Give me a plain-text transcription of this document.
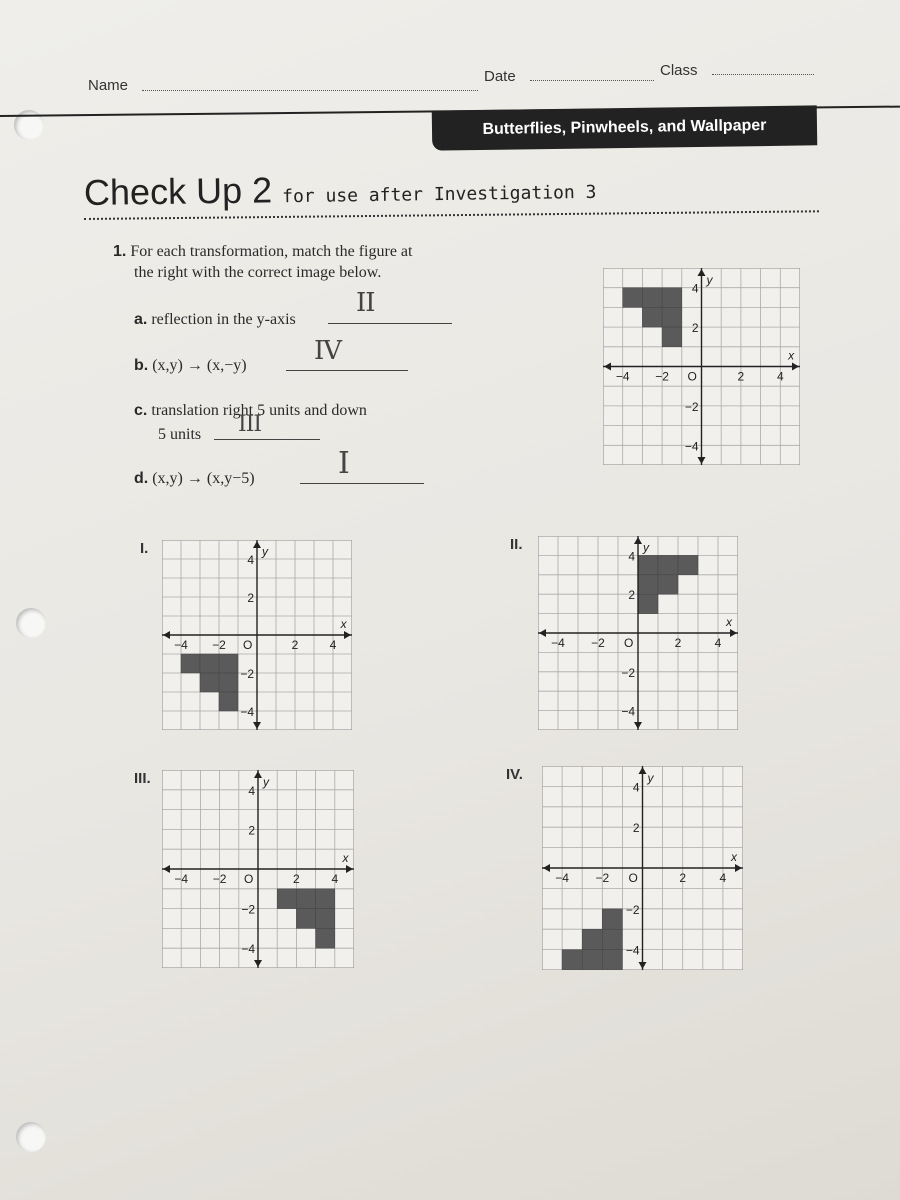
Name
Date	Class
Butterflies, Pinwheels, and Wallpaper
Check Up 2 for use after Investigation 3
1. For each transformation, match the figure at
the right with the correct image below.
a. reflection in the y-axis
II
b. (x,y) → (x,−y)	IV
c. translation right 5 units and down
5 units III
d. (x,y) → (x,y−5)	I
I.	II.
III.	IV.
x
y
O
−4 −2	2	4
4
2
−2
−4
x
y
O
−4 −2	2	4
4
2
−2
−4
x
y
O
−4 −2	2	4
4
2
−2
−4
x
y
O
−4 −2	2	4
4
2
−2
−4
x
y
O
−4 −2	2	4
4
2
−2
−4
